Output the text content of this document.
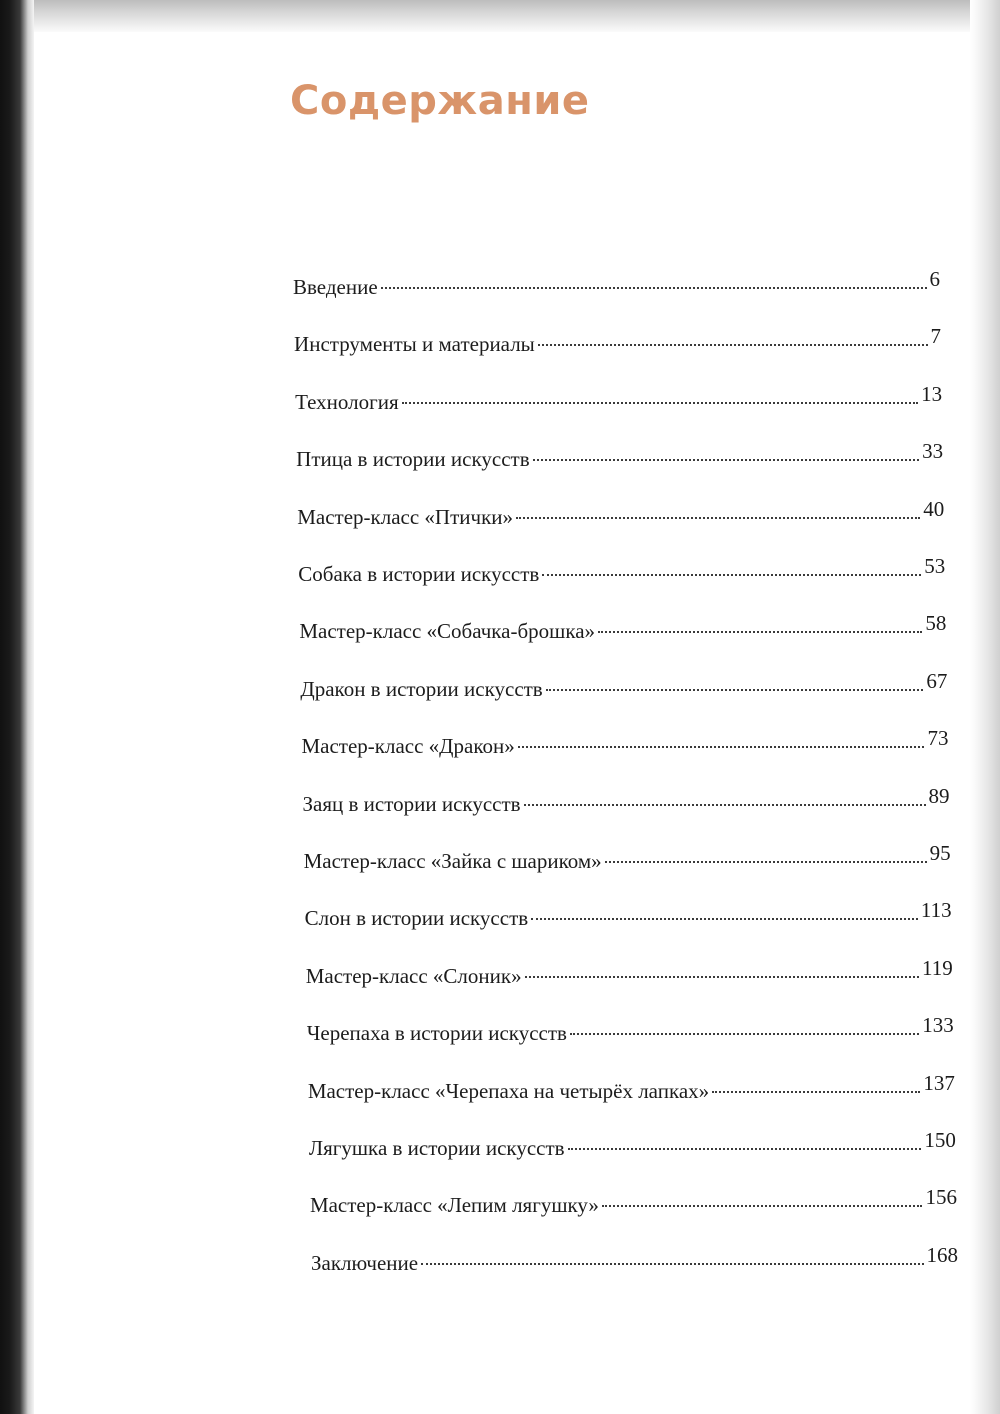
Содержание
Введение	6
Инструменты и материалы	7
Технология	13
Птица в истории искусств	33
Мастер-класс «Птички»	40
Собака в истории искусств	53
Мастер-класс «Собачка-брошка»	58
Дракон в истории искусств	67
Мастер-класс «Дракон»	73
Заяц в истории искусств	89
Мастер-класс «Зайка с шариком»	95
Слон в истории искусств	113
Мастер-класс «Слоник»	119
Черепаха в истории искусств	133
Мастер-класс «Черепаха на четырёх лапках»	137
Лягушка в истории искусств	150
Мастер-класс «Лепим лягушку»	156
Заключение	168
